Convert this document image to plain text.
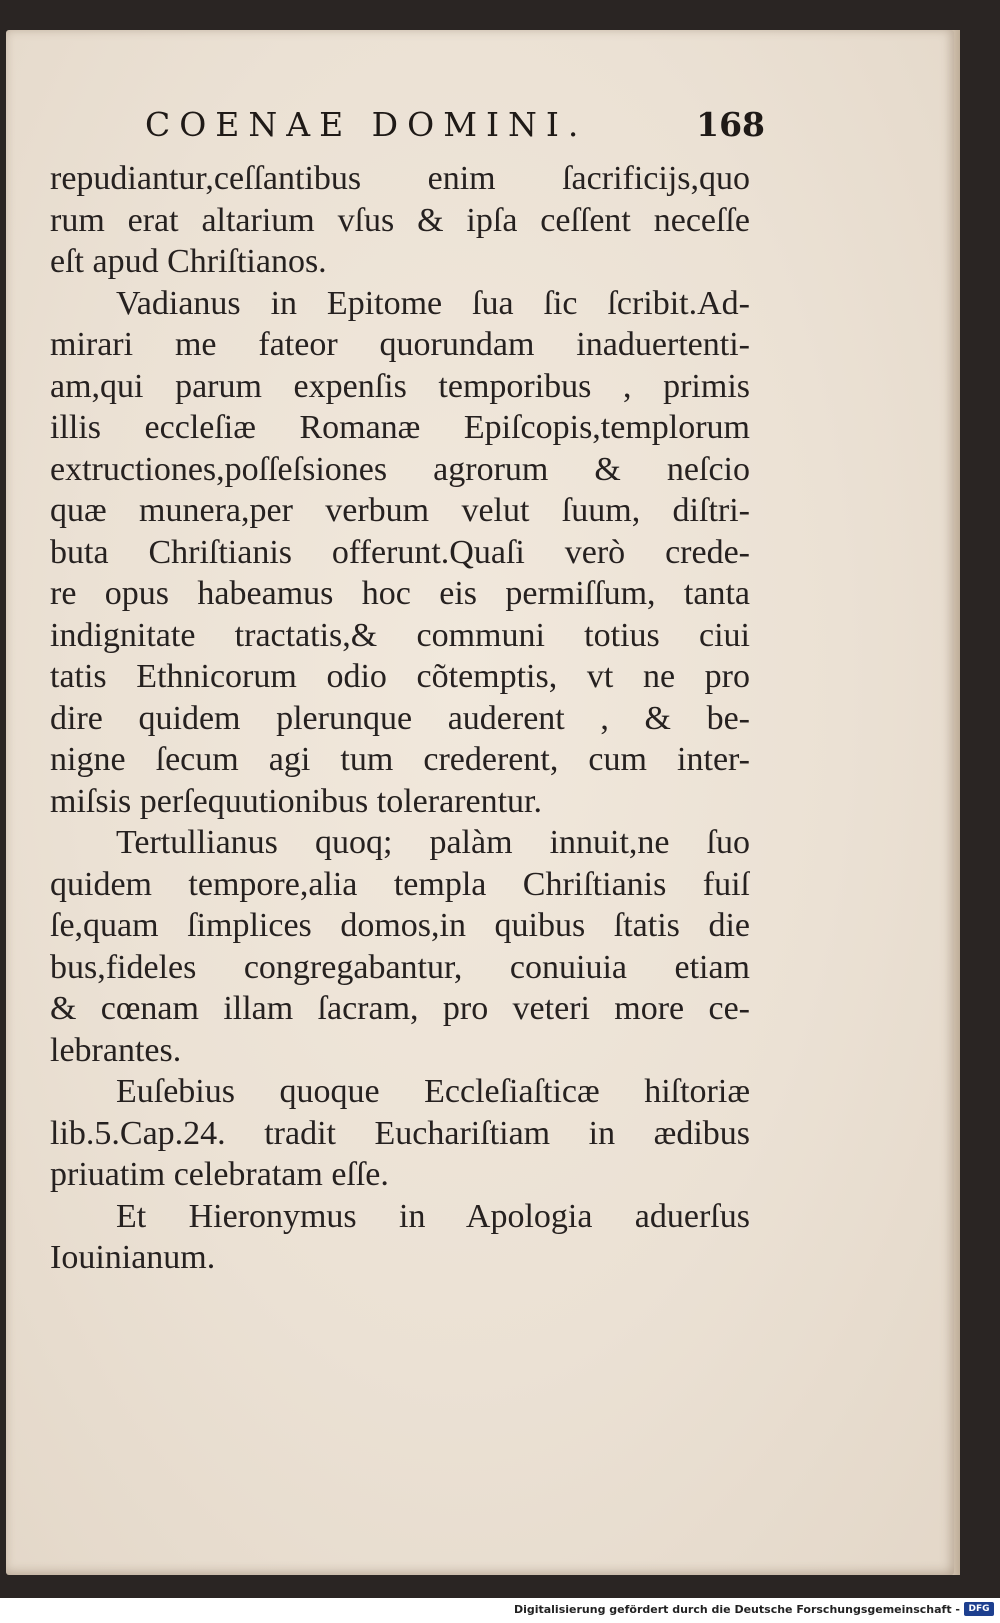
COENAE DOMINI.	168
repudiantur,ceſſantibus enim ſacrificijs,quo
rum erat altarium vſus & ipſa ceſſent neceſſe
eſt apud Chriſtianos.
Vadianus in Epitome ſua ſic ſcribit.Ad-
mirari me fateor quorundam inaduertenti-
am,qui parum expenſis temporibus , primis
illis eccleſiæ Romanæ Epiſcopis,templorum
extructiones,poſſeſsiones agrorum & neſcio
quæ munera,per verbum velut ſuum, diſtri-
buta Chriſtianis offerunt.Quaſi verò crede-
re opus habeamus hoc eis permiſſum, tanta
indignitate tractatis,& communi totius ciui
tatis Ethnicorum odio cõtemptis, vt ne pro
dire quidem plerunque auderent , & be-
nigne ſecum agi tum crederent, cum inter-
miſsis perſequutionibus tolerarentur.
Tertullianus quoq; palàm innuit,ne ſuo
quidem tempore,alia templa Chriſtianis fuiſ
ſe,quam ſimplices domos,in quibus ſtatis die
bus,fideles congregabantur, conuiuia etiam
& cœnam illam ſacram, pro veteri more ce-
lebrantes.
Euſebius quoque Eccleſiaſticæ hiſtoriæ
lib.5.Cap.24. tradit Euchariſtiam in ædibus
priuatim celebratam eſſe.
Et Hieronymus in Apologia aduerſus
Iouinianum.
Digitalisierung gefördert durch die Deutsche Forschungsgemeinschaft - DFG
